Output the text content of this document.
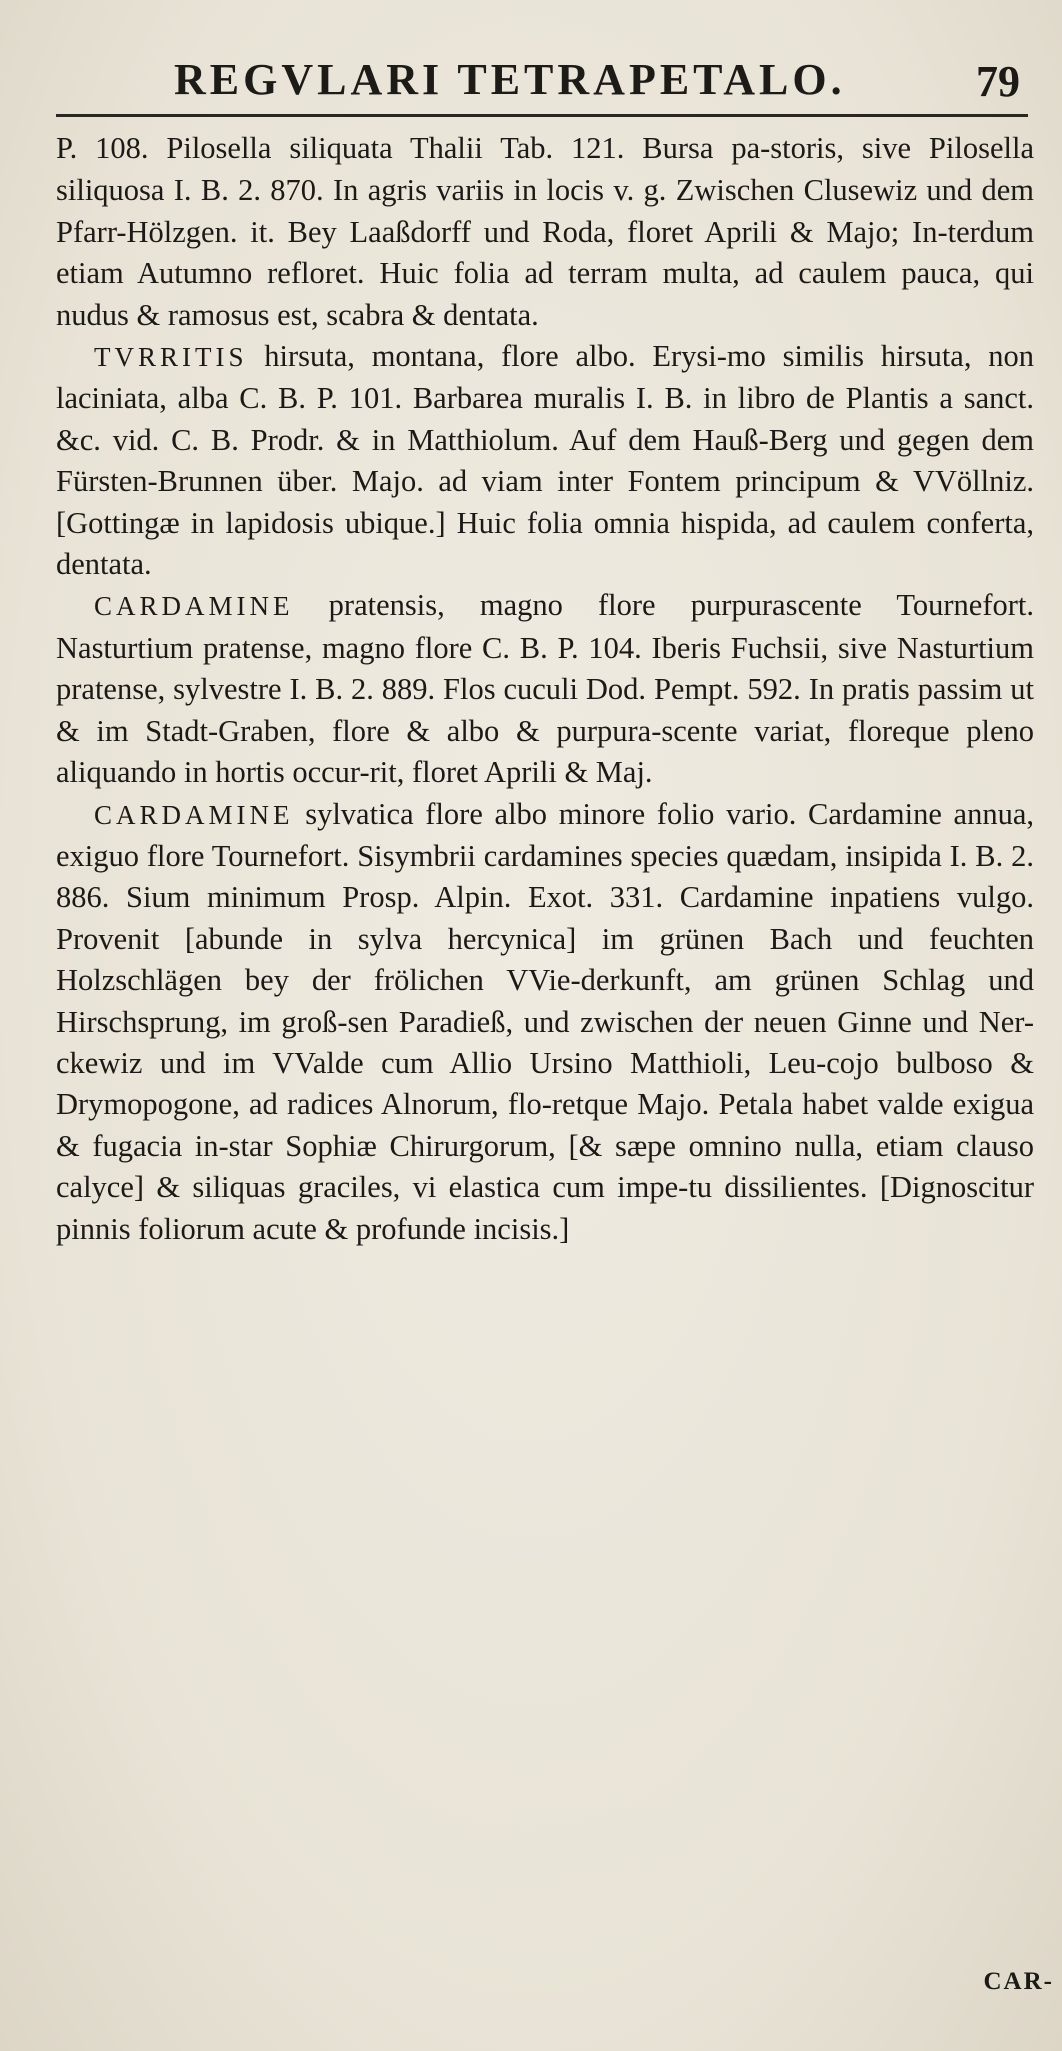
REGVLARI TETRAPETALO.	79

P. 108. Pilosella siliquata Thalii Tab. 121. Bursa pa-storis, sive Pilosella siliquosa I. B. 2. 870. In agris variis in locis v. g. Zwischen Clusewiz und dem Pfarr-Hölzgen. it. Bey Laaßdorff und Roda, floret Aprili & Majo; In-terdum etiam Autumno refloret. Huic folia ad terram multa, ad caulem pauca, qui nudus & ramosus est, scabra & dentata.

TVRRITIS hirsuta, montana, flore albo. Erysi-mo similis hirsuta, non laciniata, alba C. B. P. 101. Barbarea muralis I. B. in libro de Plantis a sanct. &c. vid. C. B. Prodr. & in Matthiolum. Auf dem Hauß-Berg und gegen dem Fürsten-Brunnen über. Majo. ad viam inter Fontem principum & VVöllniz. [Gottingæ in lapidosis ubique.] Huic folia omnia hispida, ad caulem conferta, dentata.

CARDAMINE pratensis, magno flore purpurascente Tournefort. Nasturtium pratense, magno flore C. B. P. 104. Iberis Fuchsii, sive Nasturtium pratense, sylvestre I. B. 2. 889. Flos cuculi Dod. Pempt. 592. In pratis passim ut & im Stadt-Graben, flore & albo & purpura-scente variat, floreque pleno aliquando in hortis occur-rit, floret Aprili & Maj.

CARDAMINE sylvatica flore albo minore folio vario. Cardamine annua, exiguo flore Tournefort. Sisymbrii cardamines species quædam, insipida I. B. 2. 886. Sium minimum Prosp. Alpin. Exot. 331. Cardamine inpatiens vulgo. Provenit [abunde in sylva hercynica] im grünen Bach und feuchten Holzschlägen bey der frölichen VVie-derkunft, am grünen Schlag und Hirschsprung, im groß-sen Paradieß, und zwischen der neuen Ginne und Ner-ckewiz und im VValde cum Allio Ursino Matthioli, Leu-cojo bulboso & Drymopogone, ad radices Alnorum, flo-retque Majo. Petala habet valde exigua & fugacia in-star Sophiæ Chirurgorum, [& sæpe omnino nulla, etiam clauso calyce] & siliquas graciles, vi elastica cum impe-tu dissilientes. [Dignoscitur pinnis foliorum acute & profunde incisis.]

CAR-
